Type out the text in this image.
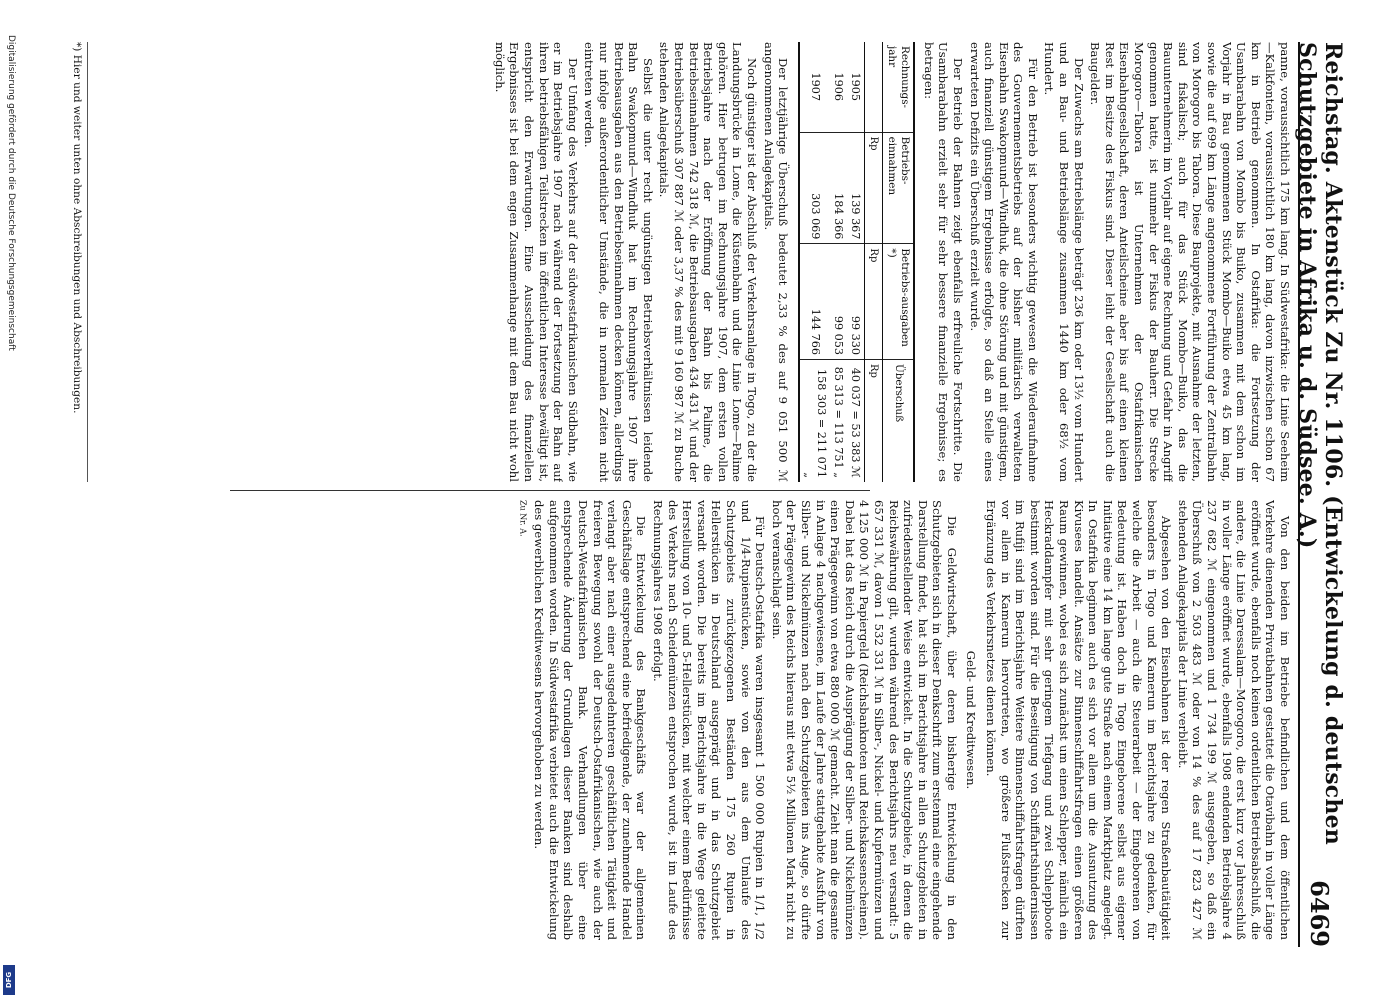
Digitalisierung gefördert durch die Deutsche Forschungsgemeinschaft
DFG
Reichstag. Aktenstück Zu Nr. 1106. (Entwickelung d. deutschen Schutzgebiete in Afrika u. d. Südsee. A.)
6469

panne, voraussichtlich 175 km lang. In Südwestafrika: die Linie Seeheim—Kalkfontein, voraussichtlich 180 km lang, davon inzwischen schon 67 km in Betrieb genommen. In Ostafrika: die Fortsetzung der Usambarabahn von Mombo bis Buiko, zusammen mit dem schon im Vorjahr in Bau genommenen Stück Mombo—Buiko etwa 45 km lang, sowie die auf 699 km Länge angenommene Fortführung der Zentralbahn von Morogoro bis Tabora. Diese Bauprojekte, mit Ausnahme der letzten, sind fiskalisch; auch für das Stück Mombo—Buiko, das die Bauunternehmerin im Vorjahr auf eigene Rechnung und Gefahr in Angriff genommen hatte, ist nunmehr der Fiskus der Bauherr. Die Strecke Morogoro—Tabora ist Unternehmen der Ostafrikanischen Eisenbahngesellschaft, deren Anteilscheine aber bis auf einen kleinen Rest im Besitze des Fiskus sind. Dieser leiht der Gesellschaft auch die Baugelder.

Der Zuwachs am Betriebslänge beträgt 236 km oder 13½ vom Hundert und an Bau- und Betriebslänge zusammen 1440 km oder 68½ vom Hundert.

Für den Betrieb ist besonders wichtig gewesen die Wiederaufnahme des Gouvernementsbetriebs auf der bisher militärisch verwalteten Eisenbahn Swakopmund—Windhuk, die ohne Störung und mit günstigem, auch finanziell günstigem Ergebnisse erfolgte, so daß an Stelle eines erwarteten Defizits ein Überschuß erzielt wurde.

Der Betrieb der Bahnen zeigt ebenfalls erfreuliche Fortschritte. Die Usambarabahn erzielt sehr für sehr bessere finanzielle Ergebnisse; es betragen:

Rechnungs-jahr	Betriebs-einnahmen	Betriebs-ausgaben *)	Überschuß
	Rp	Rp	Rp
1905	139 367	99 330	40 037 = 53 383 ℳ
1906	184 366	99 053	85 313 = 113 751 „
1907	303 069	144 766	158 303 = 211 071 „

Der letztjährige Überschuß bedeutet 2,33 % des auf 9 051 500 ℳ angenommenen Anlagekapitals.

Noch günstiger ist der Abschluß der Verkehrsanlage in Togo, zu der die Landungsbrücke in Lome, die Küstenbahn und die Linie Lome—Palime gehören. Hier betrugen im Rechnungsjahre 1907, dem ersten vollen Betriebsjahre nach der Eröffnung der Bahn bis Palime, die Betriebseinnahmen 742 318 ℳ, die Betriebsausgaben 434 431 ℳ und der Betriebsüberschuß 307 887 ℳ oder 3,37 % des mit 9 160 987 ℳ zu Buche stehenden Anlagekapitals.

Selbst die unter recht ungünstigen Betriebsverhältnissen leidende Bahn Swakopmund—Windhuk hat im Rechnungsjahre 1907 ihre Betriebsausgaben aus den Betriebseinnahmen decken können, allerdings nur infolge außerordentlicher Umstände, die in normalen Zeiten nicht eintreten werden.

Der Umfang des Verkehrs auf der südwestafrikanischen Südbahn, wie er im Betriebsjahre 1907 nach während der Fortsetzung der Bahn auf ihren betriebsfähigen Teilstrecken im öffentlichen Interesse bewältigt ist, entspricht den Erwartungen. Eine Ausscheidung des finanziellen Ergebnisses ist bei dem engen Zusammenhange mit dem Bau nicht wohl möglich.

Von den beiden im Betriebe befindlichen und dem öffentlichen Verkehre dienenden Privatbahnen gestattet die Otavibahn in voller Länge eröffnet wurde, ebenfalls noch keinen ordentlichen Betriebsabschluß, die andere, die Linie Daressalam—Morogoro, die erst kurz vor Jahresschluß in voller Länge eröffnet wurde, ebenfalls 1908 endenden Betriebsjahre 4 237 682 ℳ eingenommen und 1 734 199 ℳ ausgegeben, so daß ein Überschuß von 2 503 483 ℳ oder von 14 % des auf 17 823 427 ℳ stehenden Anlagekapitals der Linie verbleibt.

Abgesehen von den Eisenbahnen ist der regen Straßenbautätigkeit besonders in Togo und Kamerun im Berichtsjahre zu gedenken, für welche die Arbeit — auch die Steuerarbeit — der Eingeborenen von Bedeutung ist. Haben doch in Togo Eingeborene selbst aus eigener Initiative eine 14 km lange gute Straße nach einem Marktplatz angelegt. In Ostafrika beginnen auch es sich vor allem um die Ausnutzung des Kivusees handelt. Ansätze zur Binnenschiffahrtsfragen einen größeren Raum gewinnen, wobei es sich zunächst um einen Schlepper, nämlich ein Heckraddampfer mit sehr geringem Tiefgang und zwei Schleppboote bestimmt worden sind. Für die Beseitigung von Schiffahrtshindernissen im Rufiji sind im Berichtsjahre Weitere Binnenschiffahrtsfragen dürften vor allem in Kamerun hervortreten, wo größere Flußstrecken zur Ergänzung des Verkehrsnetzes dienen können.

Geld- und Kreditwesen.

Die Geldwirtschaft, über deren bisherige Entwickelung in den Schutzgebieten sich in dieser Denkschrift zum erstenmal eine eingehende Darstellung findet, hat sich im Berichtsjahre in allen Schutzgebieten in zufriedenstellender Weise entwickelt. In die Schutzgebiete, in denen die Reichswährung gilt, wurden während des Berichtsjahrs neu versandt: 5 657 331 ℳ, davon 1 532 331 ℳ in Silber-, Nickel- und Kupfermünzen und 4 125 000 ℳ in Papiergeld (Reichsbanknoten und Reichskassenscheinen). Dabei hat das Reich durch die Ausprägung der Silber- und Nickelmünzen einen Prägegewinn von etwa 880 000 ℳ gemacht. Zieht man die gesamte in Anlage 4 nachgewiesene, im Laufe der Jahre stattgehabte Ausfuhr von Silber- und Nickelmünzen nach den Schutzgebieten ins Auge, so dürfte der Prägegewinn des Reichs hieraus mit etwa 5½ Millionen Mark nicht zu hoch veranschlagt sein.

Für Deutsch-Ostafrika waren insgesamt 1 500 000 Rupien in 1/1, 1/2 und 1/4-Rupienstücken, sowie von den aus dem Umlaufe des Schutzgebiets zurückgezogenen Beständen 175 260 Rupien in Hellerstücken in Deutschland ausgeprägt und in das Schutzgebiet versandt worden. Die bereits im Berichtsjahre in die Wege geleitete Herstellung von 10- und 5-Hellerstücken, mit welcher einem Bedürfnisse des Verkehrs nach Scheidemünzen entsprochen wurde, ist im Laufe des Rechnungsjahres 1908 erfolgt.

Die Entwickelung des Bankgeschäfts war der allgemeinen Geschäftslage entsprechend eine befriedigende, der zunehmende Handel verlangt aber nach einer ausgedehnteren geschäftlichen Tätigkeit und freieren Bewegung sowohl der Deutsch-Ostafrikanischen, wie auch der Deutsch-Westafrikanischen Bank. Verhandlungen über eine entsprechende Änderung der Grundlagen dieser Banken sind deshalb aufgenommen worden. In Südwestafrika verbietet auch die Entwickelung des gewerblichen Kreditwesens hervorgehoben zu werden.

Zu Nr. A.

*) Hier und weiter unten ohne Abschreibungen und Abschreibungen.
